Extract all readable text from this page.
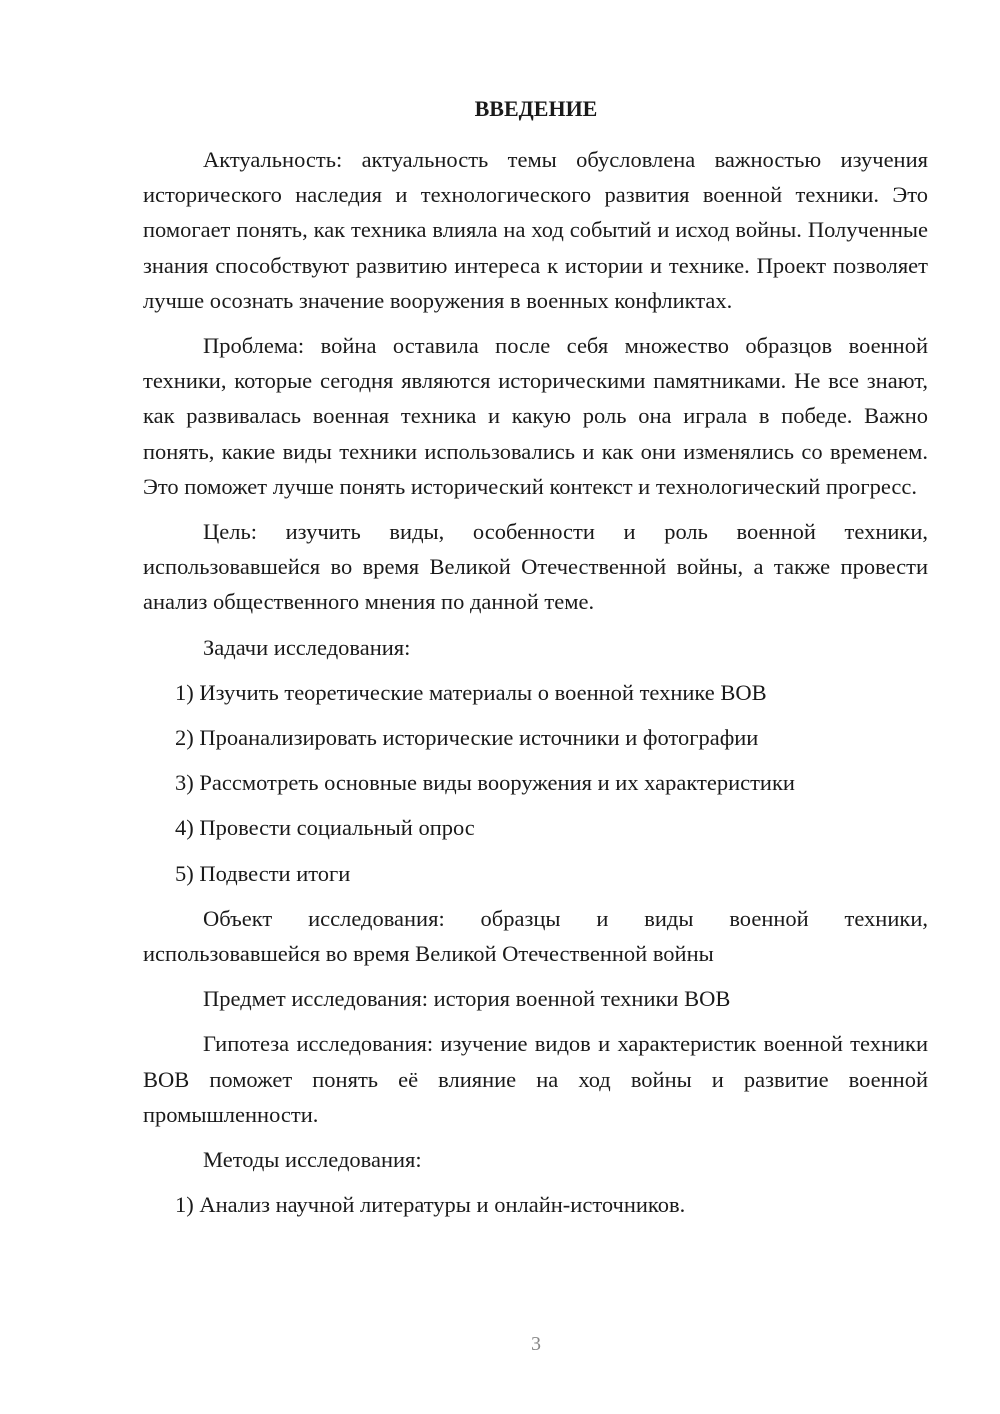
ВВЕДЕНИЕ

Актуальность: актуальность темы обусловлена важностью изучения исторического наследия и технологического развития военной техники. Это помогает понять, как техника влияла на ход событий и исход войны. Полученные знания способствуют развитию интереса к истории и технике. Проект позволяет лучше осознать значение вооружения в военных конфликтах.

Проблема: война оставила после себя множество образцов военной техники, которые сегодня являются историческими памятниками. Не все знают, как развивалась военная техника и какую роль она играла в победе. Важно понять, какие виды техники использовались и как они изменялись со временем. Это поможет лучше понять исторический контекст и технологический прогресс.

Цель: изучить виды, особенности и роль военной техники, использовавшейся во время Великой Отечественной войны, а также провести анализ общественного мнения по данной теме.

Задачи исследования:

1) Изучить теоретические материалы о военной технике ВОВ

2) Проанализировать исторические источники и фотографии

3) Рассмотреть основные виды вооружения и их характеристики

4) Провести социальный опрос

5) Подвести итоги

Объект исследования: образцы и виды военной техники, использовавшейся во время Великой Отечественной войны

Предмет исследования: история военной техники ВОВ

Гипотеза исследования: изучение видов и характеристик военной техники ВОВ поможет понять её влияние на ход войны и развитие военной промышленности.

Методы исследования:

1) Анализ научной литературы и онлайн-источников.

3
